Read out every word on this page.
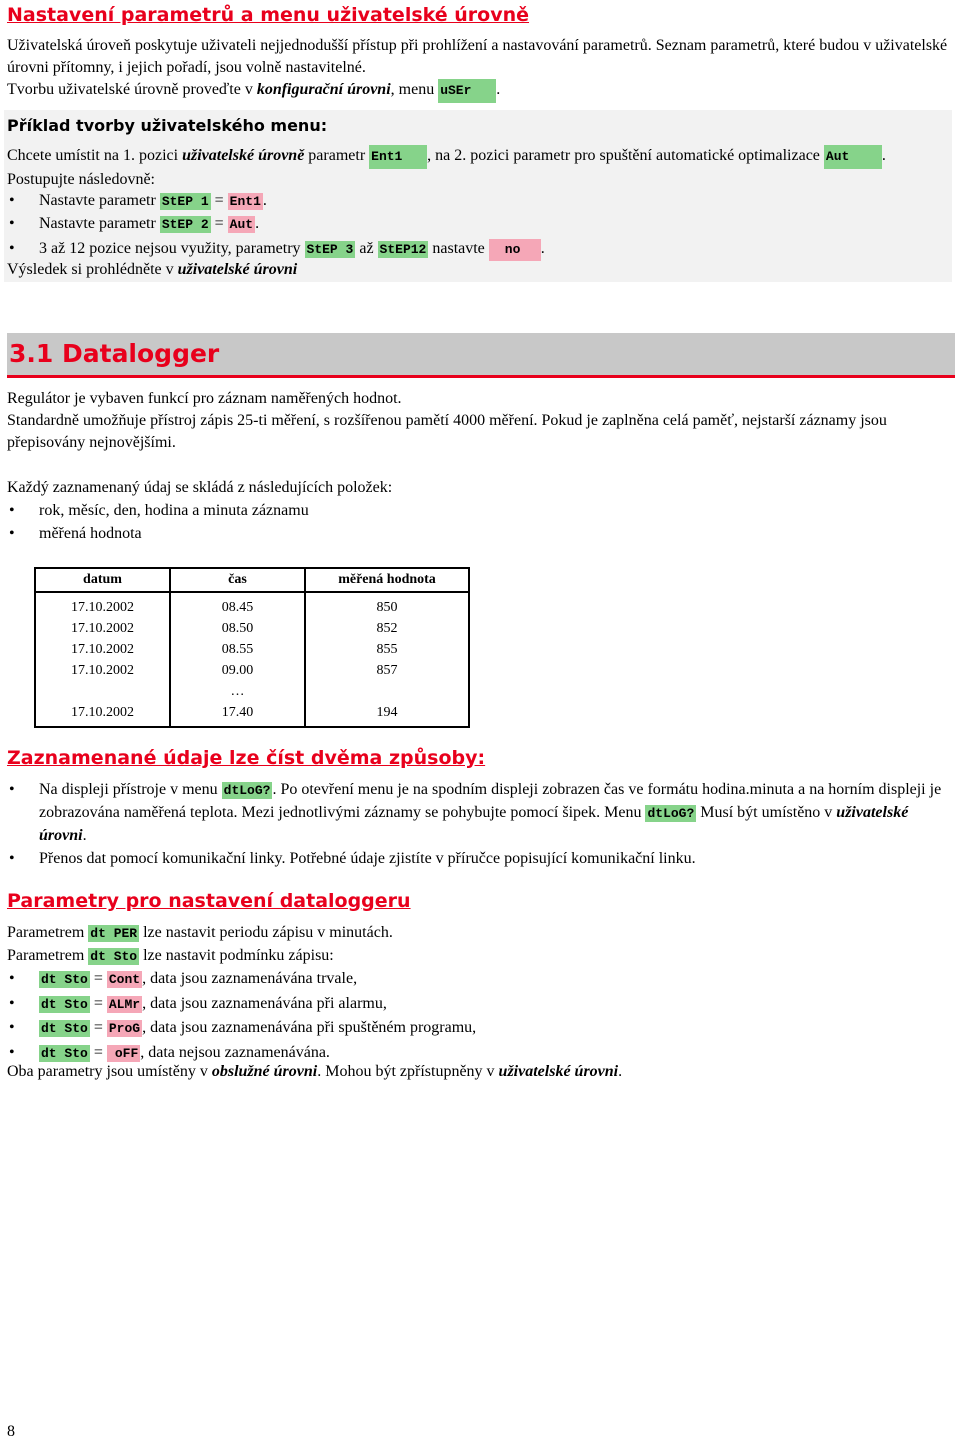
Nastavení parametrů a menu uživatelské úrovně

Uživatelská úroveň poskytuje uživateli nejjednodušší přístup při prohlížení a nastavování parametrů. Seznam parametrů, které budou v uživatelské úrovni přítomny, i jejich pořadí, jsou volně nastavitelné.

Tvorbu uživatelské úrovně proveďte v konfigurační úrovni, menu uSEr .

Příklad tvorby uživatelského menu:

Chcete umístit na 1. pozici uživatelské úrovně parametr Ent1 , na 2. pozici parametr pro spuštění automatické optimalizace Aut . Postupujte následovně:

• Nastavte parametr StEP 1 = Ent1 .
• Nastavte parametr StEP 2 = Aut .
• 3 až 12 pozice nejsou využity, parametry StEP 3 až StEP12 nastavte no .

Výsledek si prohlédněte v uživatelské úrovni

3.1 Datalogger

Regulátor je vybaven funkcí pro záznam naměřených hodnot.

Standardně umožňuje přístroj zápis 25-ti měření, s rozšířenou pamětí 4000 měření. Pokud je zaplněna celá paměť, nejstarší záznamy jsou přepisovány nejnovějšími.

Každý zaznamenaný údaj se skládá z následujících položek:

• rok, měsíc, den, hodina a minuta záznamu
• měřená hodnota
datum	čas	měřená hodnota
17.10.2002	08.45	850
17.10.2002	08.50	852
17.10.2002	08.55	855
17.10.2002	09.00	857
	…	
17.10.2002	17.40	194
Zaznamenané údaje lze číst dvěma způsoby:
• Na displeji přístroje v menu dtLoG? . Po otevření menu je na spodním displeji zobrazen čas ve formátu hodina.minuta a na horním displeji je zobrazována naměřená teplota. Mezi jednotlivými záznamy se pohybujte pomocí šipek. Menu dtLoG? Musí být umístěno v uživatelské úrovni.
• Přenos dat pomocí komunikační linky. Potřebné údaje zjistíte v příručce popisující komunikační linku.
Parametry pro nastavení dataloggeru

Parametrem dt PER lze nastavit periodu zápisu v minutách.

Parametrem dt Sto lze nastavit podmínku zápisu:

• dt Sto = Cont , data jsou zaznamenávána trvale,
• dt Sto = ALMr , data jsou zaznamenávána při alarmu,
• dt Sto = ProG , data jsou zaznamenávána při spuštěném programu,
• dt Sto = oFF , data nejsou zaznamenávána.

Oba parametry jsou umístěny v obslužné úrovni. Mohou být zpřístupněny v uživatelské úrovni.

8
